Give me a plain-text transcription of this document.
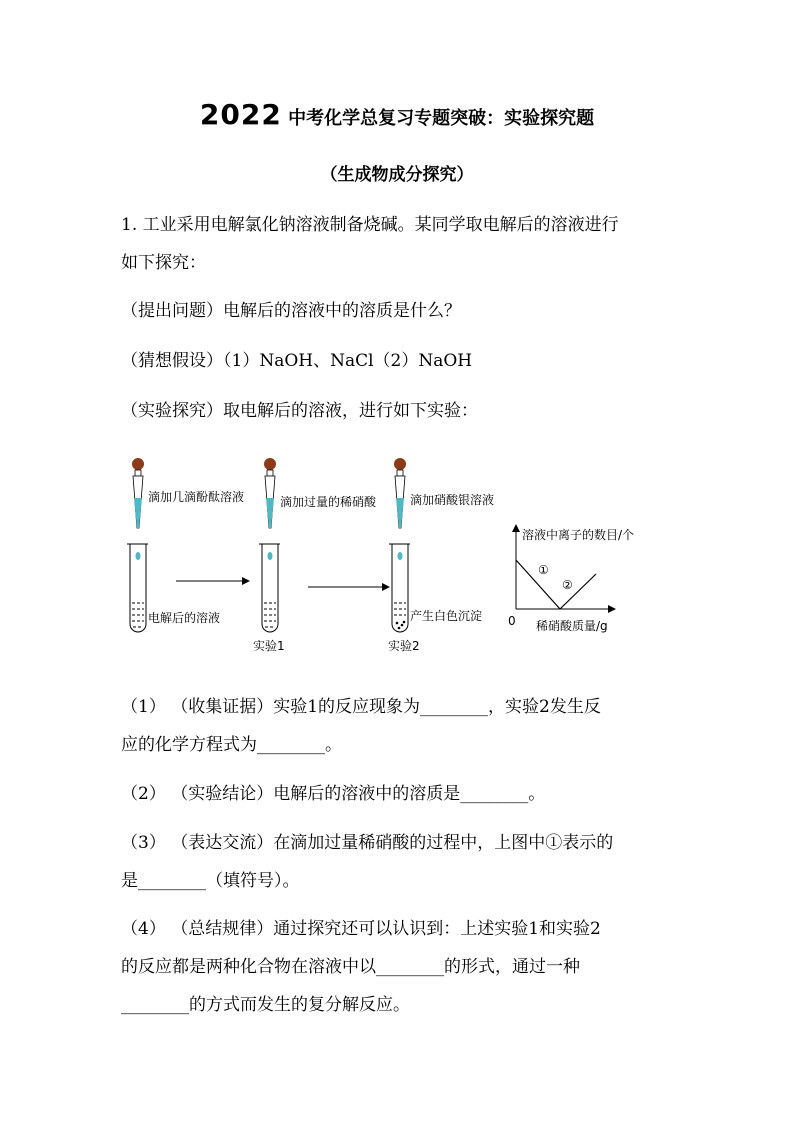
2022 中考化学总复习专题突破：实验探究题
（生成物成分探究）
1. 工业采用电解氯化钠溶液制备烧碱。某同学取电解后的溶液进行
如下探究：
（提出问题）电解后的溶液中的溶质是什么？
（猜想假设）（1）NaOH、NaCl（2）NaOH
（实验探究）取电解后的溶液，进行如下实验：
滴加几滴酚酞溶液
电解后的溶液
滴加过量的稀硝酸
实验1
滴加硝酸银溶液
产生白色沉淀
实验2
溶液中离子的数目/个
0 稀硝酸质量/g
①
②
（1） （收集证据）实验1的反应现象为________，实验2发生反
应的化学方程式为________。
（2） （实验结论）电解后的溶液中的溶质是________。
（3） （表达交流）在滴加过量稀硝酸的过程中，上图中①表示的
是________（填符号）。
（4） （总结规律）通过探究还可以认识到：上述实验1和实验2
的反应都是两种化合物在溶液中以________的形式，通过一种
________的方式而发生的复分解反应。
